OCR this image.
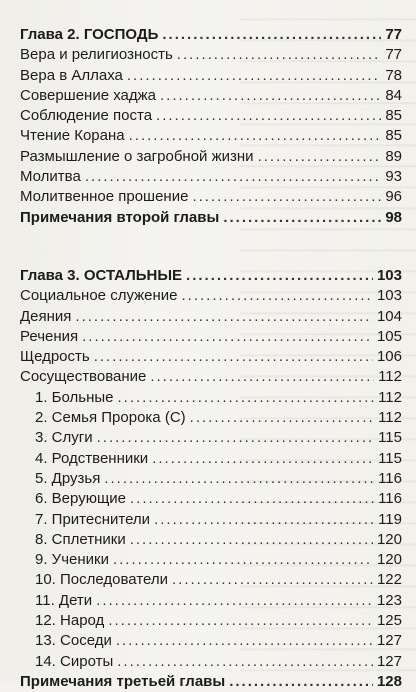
Глава 2. ГОСПОДЬ .....	77
Вера и религиозность .....	77
Вера в Аллаха .....	78
Совершение хаджа .....	84
Соблюдение поста .....	85
Чтение Корана .....	85
Размышление о загробной жизни .....	89
Молитва .....	93
Молитвенное прошение .....	96
Примечания второй главы .....	98
Глава 3. ОСТАЛЬНЫЕ .....	103
Социальное служение .....	103
Деяния .....	104
Речения .....	105
Щедрость .....	106
Сосуществование .....	112
1. Больные .....	112
2. Семья Пророка (С) .....	112
3. Слуги .....	115
4. Родственники .....	115
5. Друзья .....	116
6. Верующие .....	116
7. Притеснители .....	119
8. Сплетники .....	120
9. Ученики .....	120
10. Последователи .....	122
11. Дети .....	123
12. Народ .....	125
13. Соседи .....	127
14. Сироты .....	127
Примечания третьей главы .....	128
